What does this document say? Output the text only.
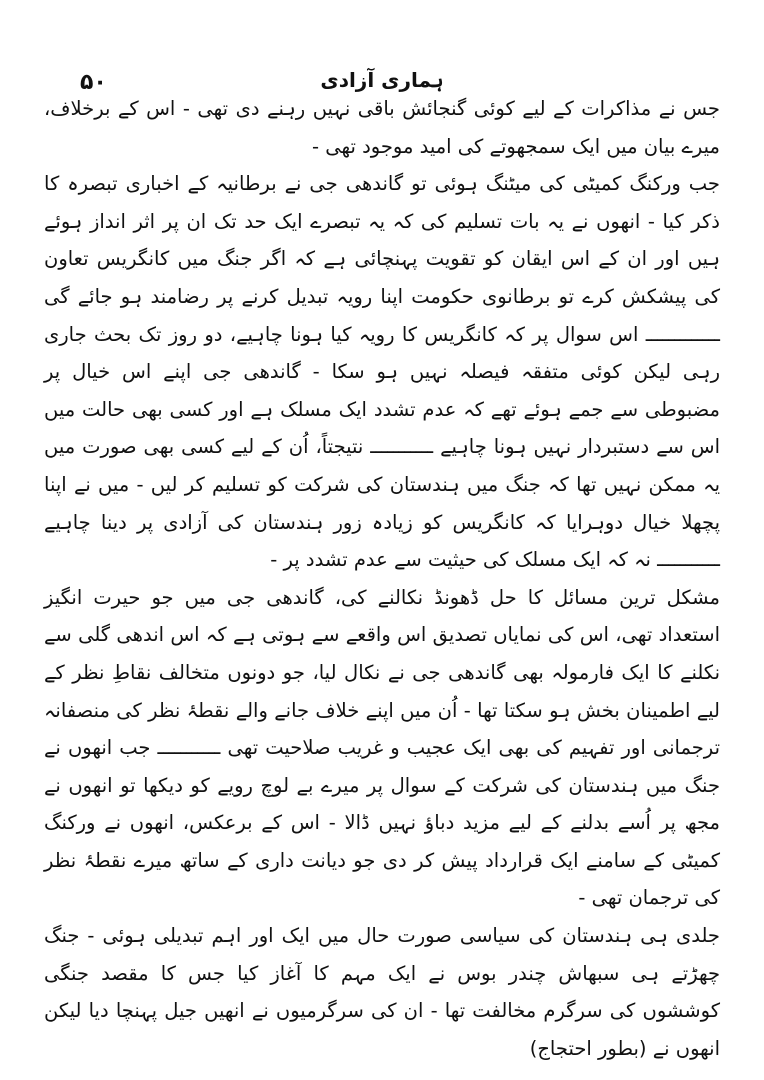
۵۰	ہماری آزادی

جس نے مذاکرات کے لیے کوئی گنجائش باقی نہیں رہنے دی تھی - اس کے برخلاف، میرے بیان میں ایک سمجھوتے کی امید موجود تھی -

جب ورکنگ کمیٹی کی میٹنگ ہوئی تو گاندھی جی نے برطانیہ کے اخباری تبصرہ کا ذکر کیا - انھوں نے یہ بات تسلیم کی کہ یہ تبصرے ایک حد تک ان پر اثر انداز ہوئے ہیں اور ان کے اس ایقان کو تقویت پہنچائی ہے کہ اگر جنگ میں کانگریس تعاون کی پیشکش کرے تو برطانوی حکومت اپنا رویہ تبدیل کرنے پر رضامند ہو جائے گی ـــــــــــــ اس سوال پر کہ کانگریس کا رویہ کیا ہونا چاہیے، دو روز تک بحث جاری رہی لیکن کوئی متفقہ فیصلہ نہیں ہو سکا - گاندھی جی اپنے اس خیال پر مضبوطی سے جمے ہوئے تھے کہ عدم تشدد ایک مسلک ہے اور کسی بھی حالت میں اس سے دستبردار نہیں ہونا چاہیے ـــــــــــ نتیجتاً، اُن کے لیے کسی بھی صورت میں یہ ممکن نہیں تھا کہ جنگ میں ہندستان کی شرکت کو تسلیم کر لیں - میں نے اپنا پچھلا خیال دوہرایا کہ کانگریس کو زیادہ زور ہندستان کی آزادی پر دینا چاہیے ـــــــــــ نہ کہ ایک مسلک کی حیثیت سے عدم تشدد پر -

مشکل ترین مسائل کا حل ڈھونڈ نکالنے کی، گاندھی جی میں جو حیرت انگیز استعداد تھی، اس کی نمایاں تصدیق اس واقعے سے ہوتی ہے کہ اس اندھی گلی سے نکلنے کا ایک فارمولہ بھی گاندھی جی نے نکال لیا، جو دونوں متخالف نقاطِ نظر کے لیے اطمینان بخش ہو سکتا تھا - اُن میں اپنے خلاف جانے والے نقطۂ نظر کی منصفانہ ترجمانی اور تفہیم کی بھی ایک عجیب و غریب صلاحیت تھی ـــــــــــ جب انھوں نے جنگ میں ہندستان کی شرکت کے سوال پر میرے بے لوچ رویے کو دیکھا تو انھوں نے مجھ پر اُسے بدلنے کے لیے مزید دباؤ نہیں ڈالا - اس کے برعکس، انھوں نے ورکنگ کمیٹی کے سامنے ایک قرارداد پیش کر دی جو دیانت داری کے ساتھ میرے نقطۂ نظر کی ترجمان تھی -

جلدی ہی ہندستان کی سیاسی صورت حال میں ایک اور اہم تبدیلی ہوئی - جنگ چھڑتے ہی سبھاش چندر بوس نے ایک مہم کا آغاز کیا جس کا مقصد جنگی کوششوں کی سرگرم مخالفت تھا - ان کی سرگرمیوں نے انھیں جیل پہنچا دیا لیکن انھوں نے (بطور احتجاج)
